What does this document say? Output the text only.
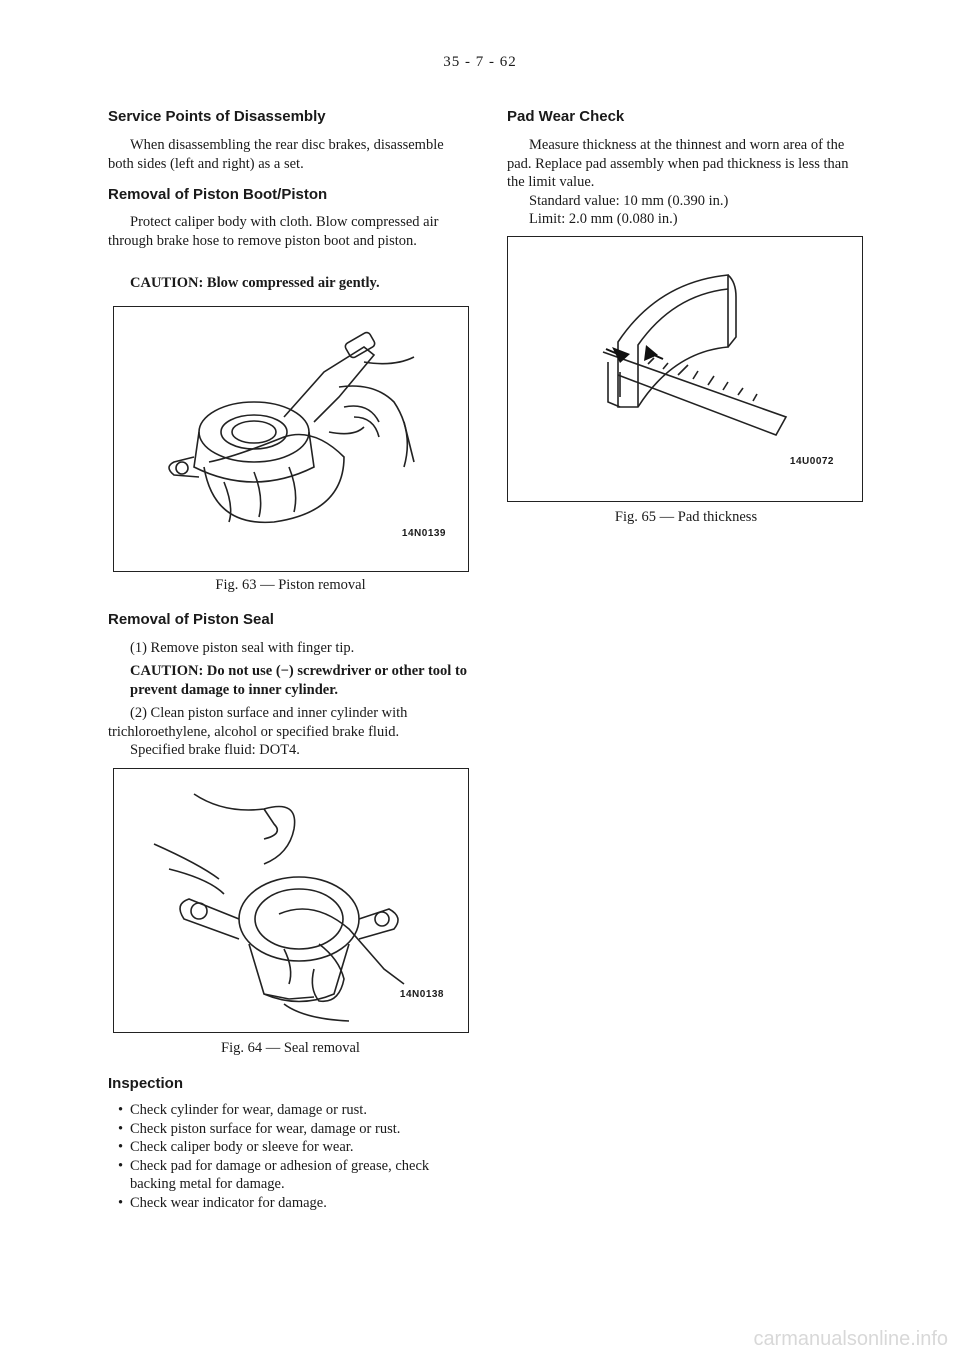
35 - 7 - 62
Service Points of Disassembly

When disassembling the rear disc brakes, disassemble both sides (left and right) as a set.

Removal of Piston Boot/Piston

Protect caliper body with cloth. Blow compressed air through brake hose to remove piston boot and piston.

CAUTION: Blow compressed air gently.

14N0139
Fig. 63 — Piston removal
Removal of Piston Seal

(1) Remove piston seal with finger tip.

CAUTION: Do not use (−) screwdriver or other tool to prevent damage to inner cylinder.

(2) Clean piston surface and inner cylinder with trichloroethylene, alcohol or specified brake fluid.

Specified brake fluid: DOT4.

14N0138
Fig. 64 — Seal removal
Inspection
• Check cylinder for wear, damage or rust.
• Check piston surface for wear, damage or rust.
• Check caliper body or sleeve for wear.
• Check pad for damage or adhesion of grease, check backing metal for damage.
• Check wear indicator for damage.
Pad Wear Check

Measure thickness at the thinnest and worn area of the pad. Replace pad assembly when pad thickness is less than the limit value.

Standard value: 10 mm (0.390 in.)

Limit: 2.0 mm (0.080 in.)

14U0072
Fig. 65 — Pad thickness
carmanualsonline.info
